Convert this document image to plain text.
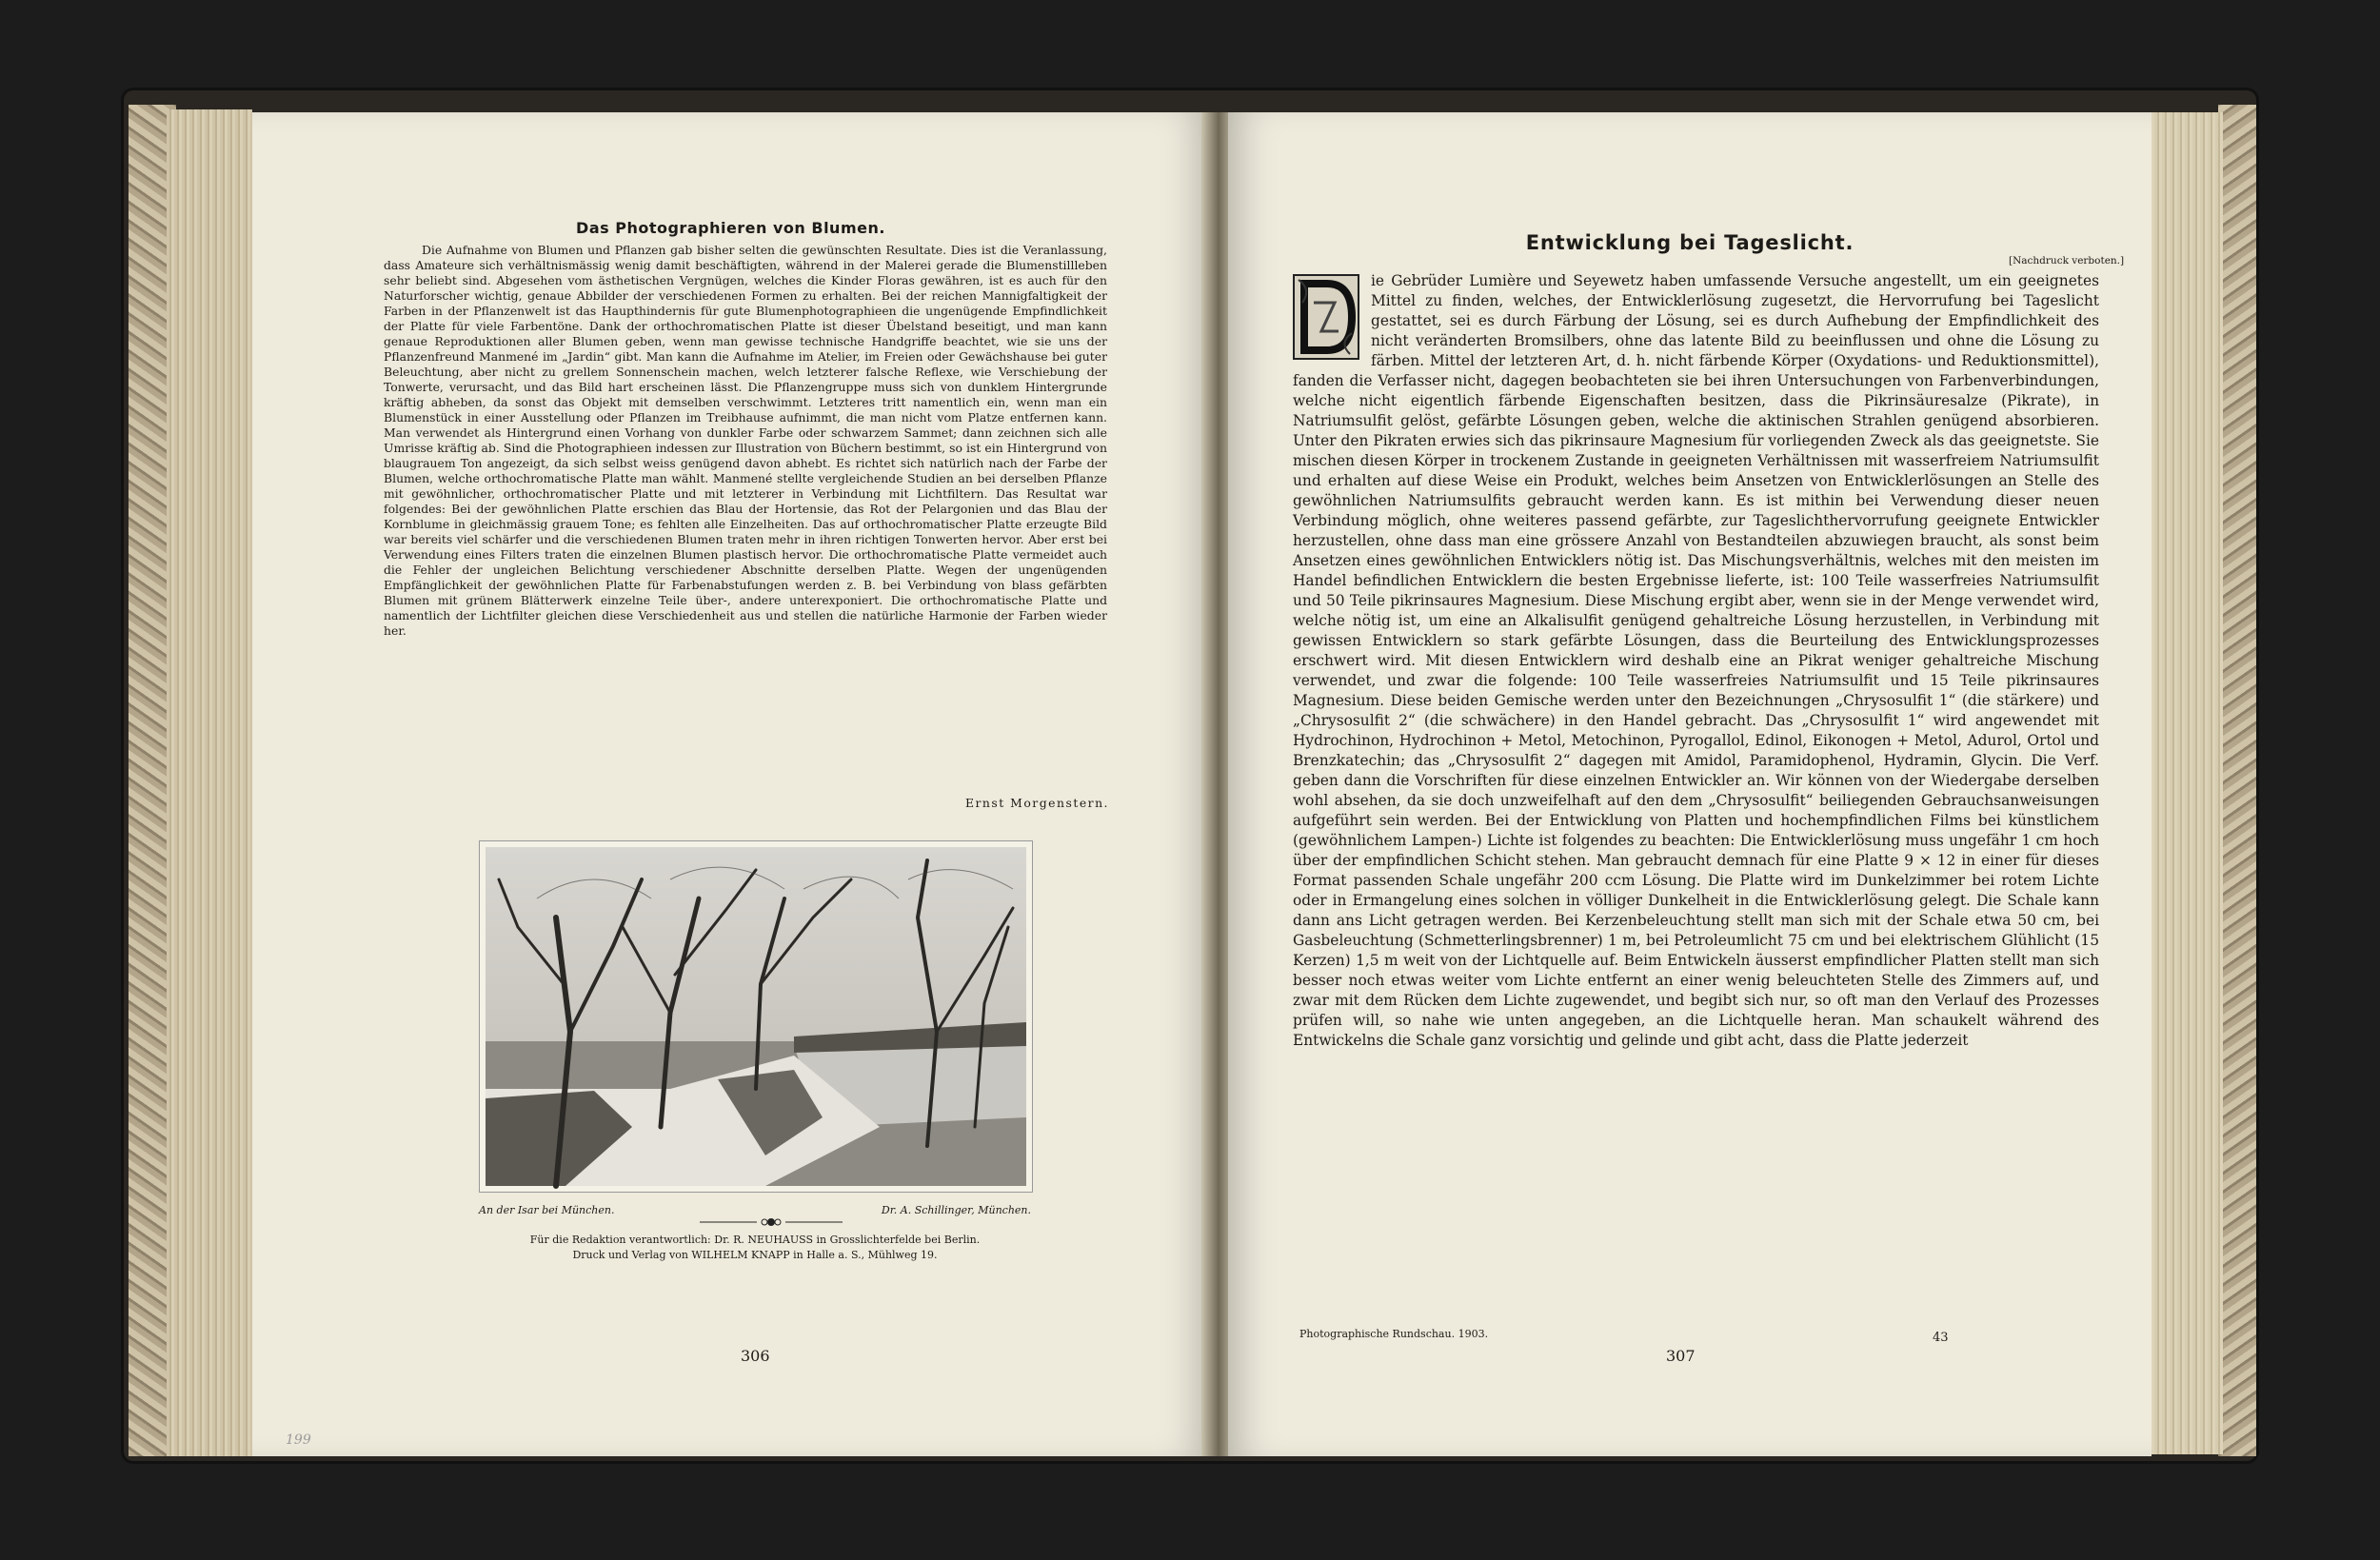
Das Photographieren von Blumen.

Die Aufnahme von Blumen und Pflanzen gab bisher selten die gewünschten Resultate. Dies ist die Veranlassung, dass Amateure sich verhältnismässig wenig damit beschäftigten, während in der Malerei gerade die Blumenstillleben sehr beliebt sind. Abgesehen vom ästhetischen Vergnügen, welches die Kinder Floras gewähren, ist es auch für den Naturforscher wichtig, genaue Abbilder der verschiedenen Formen zu erhalten. Bei der reichen Mannigfaltigkeit der Farben in der Pflanzenwelt ist das Haupthindernis für gute Blumenphotographieen die ungenügende Empfindlichkeit der Platte für viele Farbentöne. Dank der orthochromatischen Platte ist dieser Übelstand beseitigt, und man kann genaue Reproduktionen aller Blumen geben, wenn man gewisse technische Handgriffe beachtet, wie sie uns der Pflanzenfreund Manmené im „Jardin“ gibt. Man kann die Aufnahme im Atelier, im Freien oder Gewächshause bei guter Beleuchtung, aber nicht zu grellem Sonnenschein machen, welch letzterer falsche Reflexe, wie Verschiebung der Tonwerte, verursacht, und das Bild hart erscheinen lässt. Die Pflanzengruppe muss sich von dunklem Hintergrunde kräftig abheben, da sonst das Objekt mit demselben verschwimmt. Letzteres tritt namentlich ein, wenn man ein Blumenstück in einer Ausstellung oder Pflanzen im Treibhause aufnimmt, die man nicht vom Platze entfernen kann. Man verwendet als Hintergrund einen Vorhang von dunkler Farbe oder schwarzem Sammet; dann zeichnen sich alle Umrisse kräftig ab. Sind die Photographieen indessen zur Illustration von Büchern bestimmt, so ist ein Hintergrund von blaugrauem Ton angezeigt, da sich selbst weiss genügend davon abhebt. Es richtet sich natürlich nach der Farbe der Blumen, welche orthochromatische Platte man wählt. Manmené stellte vergleichende Studien an bei derselben Pflanze mit gewöhnlicher, orthochromatischer Platte und mit letzterer in Verbindung mit Lichtfiltern. Das Resultat war folgendes: Bei der gewöhnlichen Platte erschien das Blau der Hortensie, das Rot der Pelargonien und das Blau der Kornblume in gleichmässig grauem Tone; es fehlten alle Einzelheiten. Das auf orthochromatischer Platte erzeugte Bild war bereits viel schärfer und die verschiedenen Blumen traten mehr in ihren richtigen Tonwerten hervor. Aber erst bei Verwendung eines Filters traten die einzelnen Blumen plastisch hervor. Die orthochromatische Platte vermeidet auch die Fehler der ungleichen Belichtung verschiedener Abschnitte derselben Platte. Wegen der ungenügenden Empfänglichkeit der gewöhnlichen Platte für Farbenabstufungen werden z. B. bei Verbindung von blass gefärbten Blumen mit grünem Blätterwerk einzelne Teile über-, andere unterexponiert. Die orthochromatische Platte und namentlich der Lichtfilter gleichen diese Verschiedenheit aus und stellen die natürliche Harmonie der Farben wieder her.

Ernst Morgenstern.
An der Isar bei München.	Dr. A. Schillinger, München.
Für die Redaktion verantwortlich: Dr. R. NEUHAUSS in Grosslichterfelde bei Berlin.
Druck und Verlag von WILHELM KNAPP in Halle a. S., Mühlweg 19.
306
Entwicklung bei Tageslicht.
[Nachdruck verboten.]
ie Gebrüder Lumière und Seyewetz haben umfassende Versuche angestellt, um ein geeignetes Mittel zu finden, welches, der Entwicklerlösung zugesetzt, die Hervorrufung bei Tageslicht gestattet, sei es durch Färbung der Lösung, sei es durch Aufhebung der Empfindlichkeit des nicht veränderten Bromsilbers, ohne das latente Bild zu beeinflussen und ohne die Lösung zu färben. Mittel der letzteren Art, d. h. nicht färbende Körper (Oxydations- und Reduktionsmittel), fanden die Verfasser nicht, dagegen beobachteten sie bei ihren Untersuchungen von Farbenverbindungen, welche nicht eigentlich färbende Eigenschaften besitzen, dass die Pikrinsäuresalze (Pikrate), in Natriumsulfit gelöst, gefärbte Lösungen geben, welche die aktinischen Strahlen genügend absorbieren. Unter den Pikraten erwies sich das pikrinsaure Magnesium für vorliegenden Zweck als das geeignetste. Sie mischen diesen Körper in trockenem Zustande in geeigneten Verhältnissen mit wasserfreiem Natriumsulfit und erhalten auf diese Weise ein Produkt, welches beim Ansetzen von Entwicklerlösungen an Stelle des gewöhnlichen Natriumsulfits gebraucht werden kann. Es ist mithin bei Verwendung dieser neuen Verbindung möglich, ohne weiteres passend gefärbte, zur Tageslichthervorrufung geeignete Entwickler herzustellen, ohne dass man eine grössere Anzahl von Bestandteilen abzuwiegen braucht, als sonst beim Ansetzen eines gewöhnlichen Entwicklers nötig ist. Das Mischungsverhältnis, welches mit den meisten im Handel befindlichen Entwicklern die besten Ergebnisse lieferte, ist: 100 Teile wasserfreies Natriumsulfit und 50 Teile pikrinsaures Magnesium. Diese Mischung ergibt aber, wenn sie in der Menge verwendet wird, welche nötig ist, um eine an Alkalisulfit genügend gehaltreiche Lösung herzustellen, in Verbindung mit gewissen Entwicklern so stark gefärbte Lösungen, dass die Beurteilung des Entwicklungsprozesses erschwert wird. Mit diesen Entwicklern wird deshalb eine an Pikrat weniger gehaltreiche Mischung verwendet, und zwar die folgende: 100 Teile wasserfreies Natriumsulfit und 15 Teile pikrinsaures Magnesium. Diese beiden Gemische werden unter den Bezeichnungen „Chrysosulfit 1“ (die stärkere) und „Chrysosulfit 2“ (die schwächere) in den Handel gebracht. Das „Chrysosulfit 1“ wird angewendet mit Hydrochinon, Hydrochinon + Metol, Metochinon, Pyrogallol, Edinol, Eikonogen + Metol, Adurol, Ortol und Brenzkatechin; das „Chrysosulfit 2“ dagegen mit Amidol, Paramidophenol, Hydramin, Glycin. Die Verf. geben dann die Vorschriften für diese einzelnen Entwickler an. Wir können von der Wiedergabe derselben wohl absehen, da sie doch unzweifelhaft auf den dem „Chrysosulfit“ beiliegenden Gebrauchsanweisungen aufgeführt sein werden. Bei der Entwicklung von Platten und hochempfindlichen Films bei künstlichem (gewöhnlichem Lampen-) Lichte ist folgendes zu beachten: Die Entwicklerlösung muss ungefähr 1 cm hoch über der empfindlichen Schicht stehen. Man gebraucht demnach für eine Platte 9 × 12 in einer für dieses Format passenden Schale ungefähr 200 ccm Lösung. Die Platte wird im Dunkelzimmer bei rotem Lichte oder in Ermangelung eines solchen in völliger Dunkelheit in die Entwicklerlösung gelegt. Die Schale kann dann ans Licht getragen werden. Bei Kerzenbeleuchtung stellt man sich mit der Schale etwa 50 cm, bei Gasbeleuchtung (Schmetterlingsbrenner) 1 m, bei Petroleumlicht 75 cm und bei elektrischem Glühlicht (15 Kerzen) 1,5 m weit von der Lichtquelle auf. Beim Entwickeln äusserst empfindlicher Platten stellt man sich besser noch etwas weiter vom Lichte entfernt an einer wenig beleuchteten Stelle des Zimmers auf, und zwar mit dem Rücken dem Lichte zugewendet, und begibt sich nur, so oft man den Verlauf des Prozesses prüfen will, so nahe wie unten angegeben, an die Lichtquelle heran. Man schaukelt während des Entwickelns die Schale ganz vorsichtig und gelinde und gibt acht, dass die Platte jederzeit
Photographische Rundschau. 1903.	43
307
199
